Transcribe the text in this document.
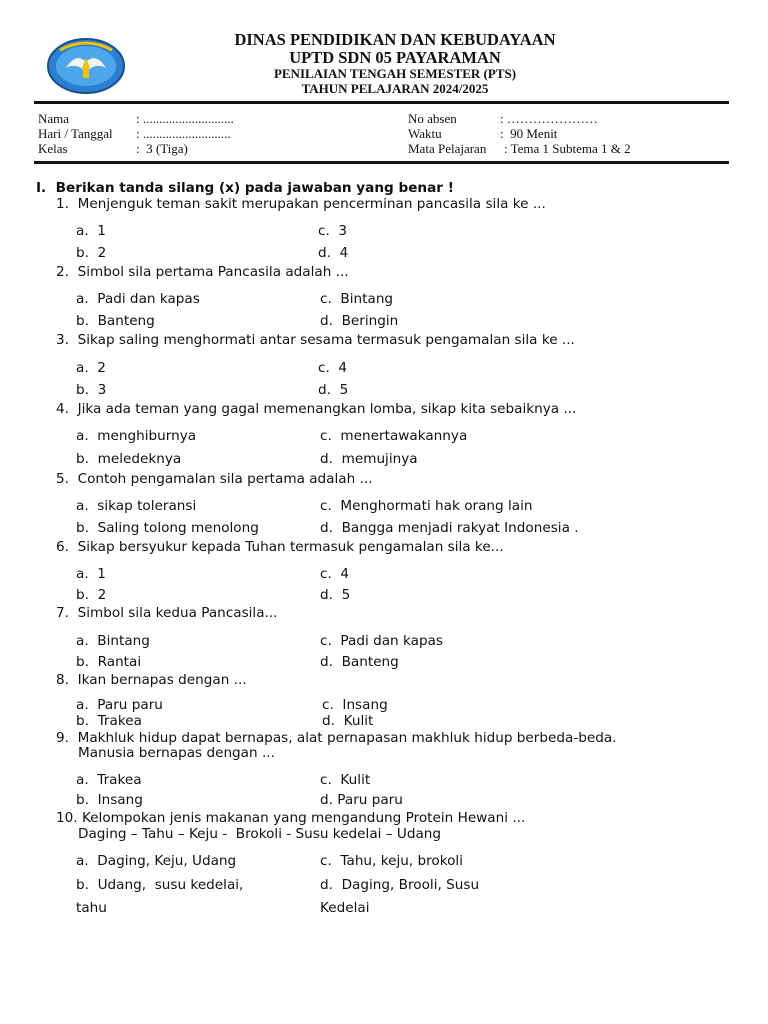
DINAS PENDIDIKAN DAN KEBUDAYAAN
UPTD SDN 05 PAYARAMAN
PENILAIAN TENGAH SEMESTER (PTS)
TAHUN PELAJARAN 2024/2025
Nama	: ............................
Hari / Tanggal : ...........................
Kelas	:  3 (Tiga)
No absen	: …………………
Waktu	:  90 Menit
Mata Pelajaran : Tema 1 Subtema 1 & 2
I.  Berikan tanda silang (x) pada jawaban yang benar !
1.  Menjenguk teman sakit merupakan pencerminan pancasila sila ke ...
a.  1	c.  3
b.  2	d.  4
2.  Simbol sila pertama Pancasila adalah ...
a.  Padi dan kapas	c.  Bintang
b.  Banteng	d.  Beringin
3.  Sikap saling menghormati antar sesama termasuk pengamalan sila ke ...
a.  2	c.  4
b.  3	d.  5
4.  Jika ada teman yang gagal memenangkan lomba, sikap kita sebaiknya ...
a.  menghiburnya	c.  menertawakannya
b.  meledeknya	d.  memujinya
5.  Contoh pengamalan sila pertama adalah ...
a.  sikap toleransi	c.  Menghormati hak orang lain
b.  Saling tolong menolong	d.  Bangga menjadi rakyat Indonesia .
6.  Sikap bersyukur kepada Tuhan termasuk pengamalan sila ke...
a.  1	c.  4
b.  2	d.  5
7.  Simbol sila kedua Pancasila...
a.  Bintang	c.  Padi dan kapas
b.  Rantai	d.  Banteng
8.  Ikan bernapas dengan ...
a.  Paru paru	c.  Insang
b.  Trakea	d.  Kulit
9.  Makhluk hidup dapat bernapas, alat pernapasan makhluk hidup berbeda-beda.
Manusia bernapas dengan ...
a.  Trakea	c.  Kulit
b.  Insang	d. Paru paru
10. Kelompokan jenis makanan yang mengandung Protein Hewani ...
Daging – Tahu – Keju -  Brokoli - Susu kedelai – Udang
a.  Daging, Keju, Udang	c.  Tahu, keju, brokoli
b.  Udang,  susu kedelai,	d.  Daging, Brooli, Susu
tahu	Kedelai
